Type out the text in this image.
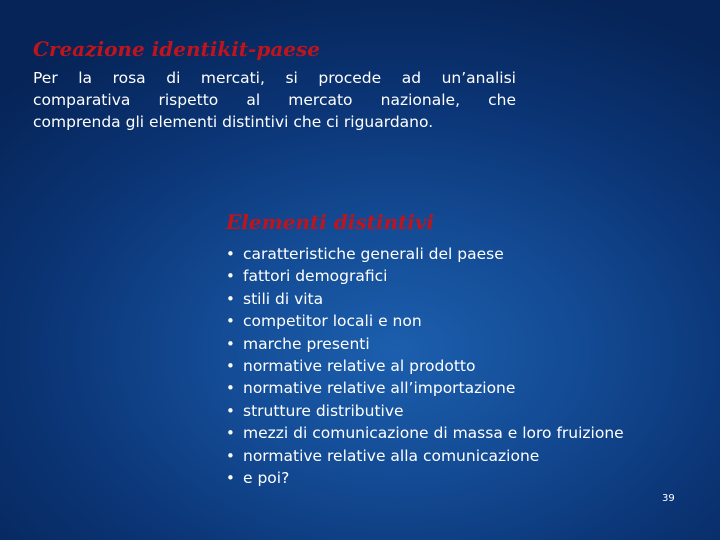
Creazione identikit-paese
Per la rosa di mercati, si procede ad un’analisi
comparativa rispetto al mercato nazionale, che
comprenda gli elementi distintivi che ci riguardano.
Elementi distintivi
• caratteristiche generali del paese
• fattori demografici
• stili di vita
• competitor locali e non
• marche presenti
• normative relative al prodotto
• normative relative all’importazione
• strutture distributive
• mezzi di comunicazione di massa e loro fruizione
• normative relative alla comunicazione
• e poi?
39
